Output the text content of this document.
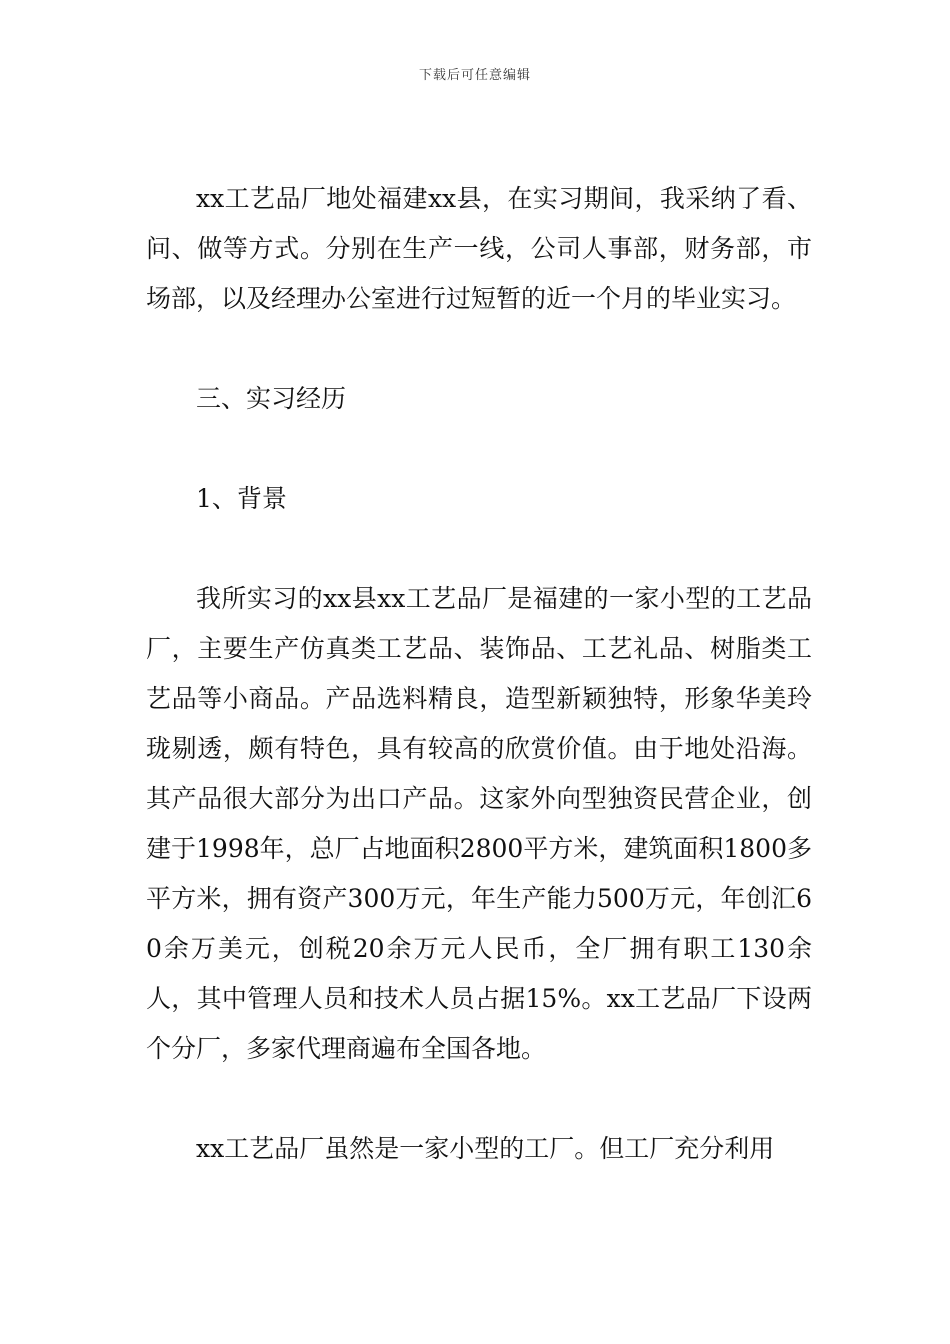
下载后可任意编辑

xx工艺品厂地处福建xx县，在实习期间，我采纳了看、问、做等方式。分别在生产一线，公司人事部，财务部，市场部，以及经理办公室进行过短暂的近一个月的毕业实习。

三、实习经历

1、背景

我所实习的xx县xx工艺品厂是福建的一家小型的工艺品厂，主要生产仿真类工艺品、装饰品、工艺礼品、树脂类工艺品等小商品。产品选料精良，造型新颖独特，形象华美玲珑剔透，颇有特色，具有较高的欣赏价值。由于地处沿海。其产品很大部分为出口产品。这家外向型独资民营企业，创建于1998年，总厂占地面积2800平方米，建筑面积1800多平方米，拥有资产300万元，年生产能力500万元，年创汇60余万美元，创税20余万元人民币，全厂拥有职工130余人，其中管理人员和技术人员占据15%。xx工艺品厂下设两个分厂，多家代理商遍布全国各地。

xx工艺品厂虽然是一家小型的工厂。但工厂充分利用
